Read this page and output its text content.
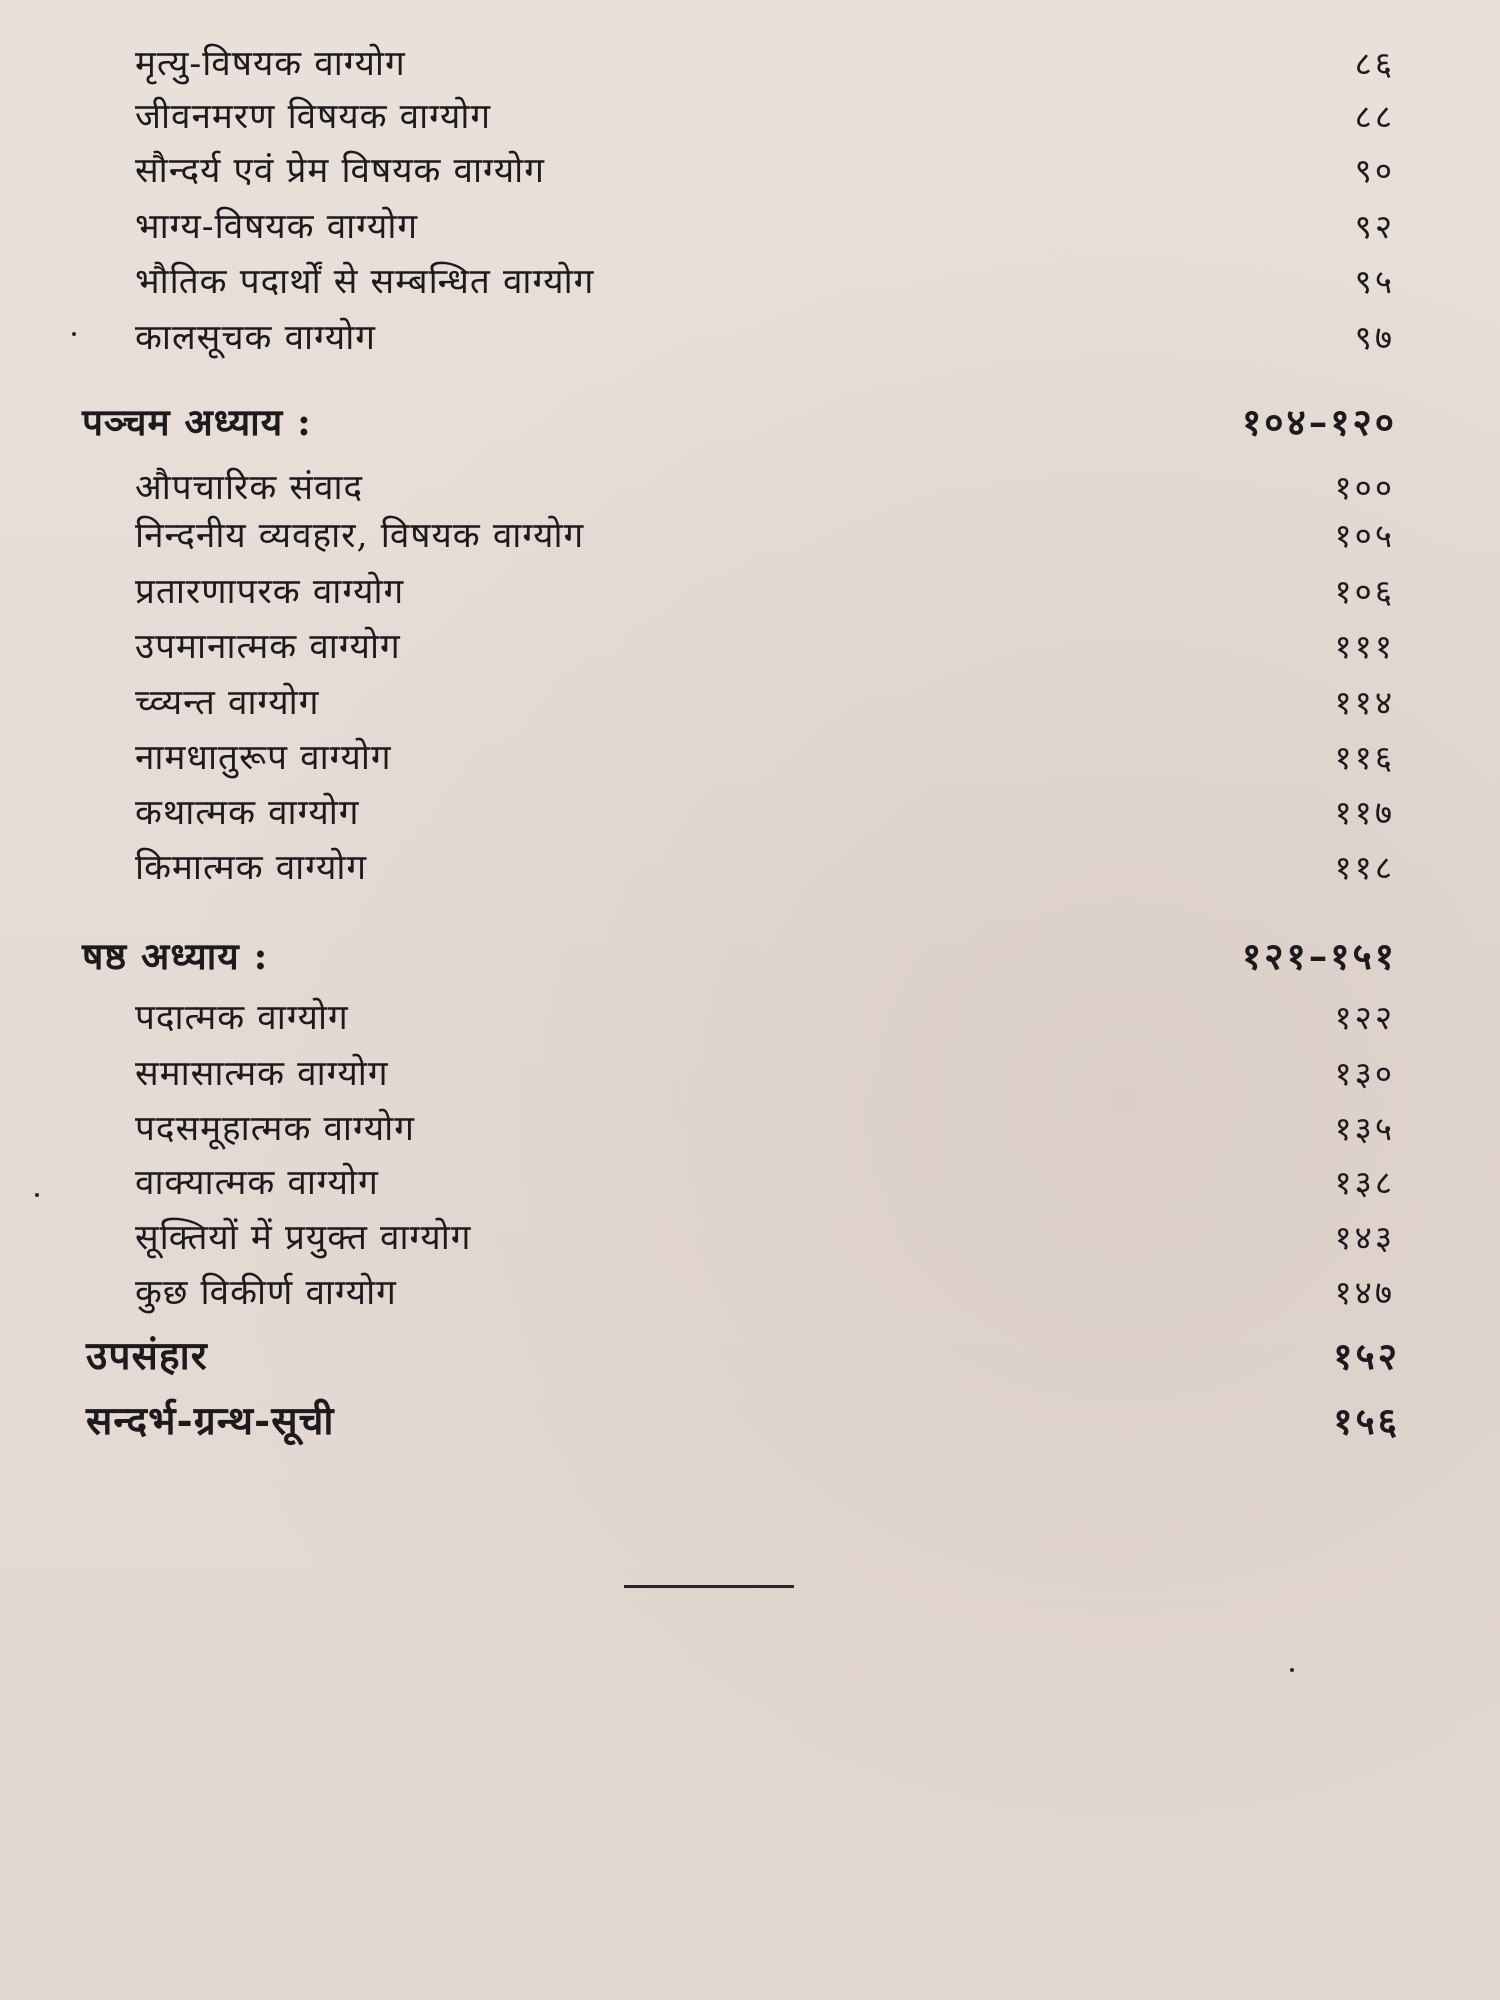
मृत्यु-विषयक वाग्योग	८६
जीवनमरण विषयक वाग्योग	८८
सौन्दर्य एवं प्रेम विषयक वाग्योग	९०
भाग्य-विषयक वाग्योग	९२
भौतिक पदार्थों से सम्बन्धित वाग्योग	९५
कालसूचक वाग्योग	९७
पञ्चम अध्याय :	१०४–१२०
औपचारिक संवाद	१००
निन्दनीय व्यवहार, विषयक वाग्योग	१०५
प्रतारणापरक वाग्योग	१०६
उपमानात्मक वाग्योग	१११
च्व्यन्त वाग्योग	११४
नामधातुरूप वाग्योग	११६
कथात्मक वाग्योग	११७
किमात्मक वाग्योग	११८
षष्ठ अध्याय :	१२१–१५१
पदात्मक वाग्योग	१२२
समासात्मक वाग्योग	१३०
पदसमूहात्मक वाग्योग	१३५
वाक्यात्मक वाग्योग	१३८
सूक्तियों में प्रयुक्त वाग्योग	१४३
कुछ विकीर्ण वाग्योग	१४७
उपसंहार	१५२
सन्दर्भ-ग्रन्थ-सूची	१५६
